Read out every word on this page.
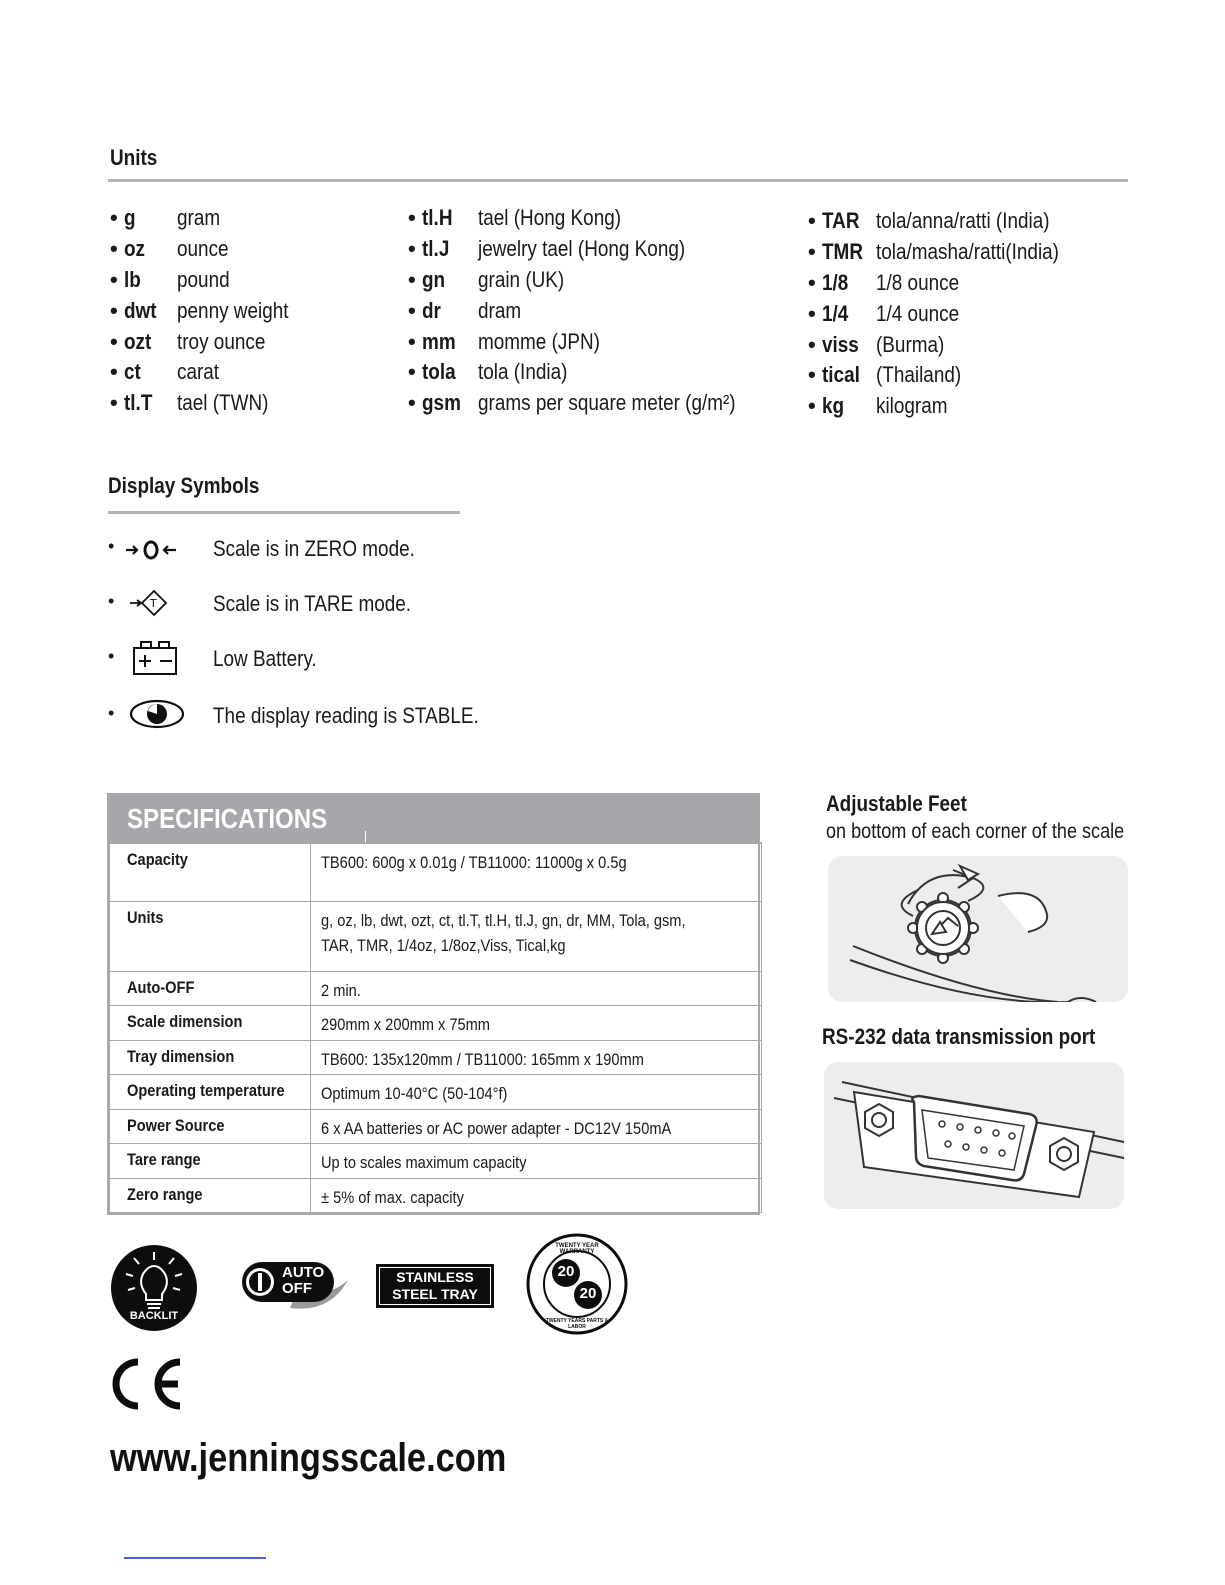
Units
• g gram
• oz ounce
• lb pound
• dwt penny weight
• ozt troy ounce
• ct carat
• tl.T tael (TWN)
• tl.H tael (Hong Kong)
• tl.J jewelry tael (Hong Kong)
• gn grain (UK)
• dr dram
• mm momme (JPN)
• tola tola (India)
• gsm grams per square meter (g/m²)
• TAR tola/anna/ratti (India)
• TMR tola/masha/ratti(India)
• 1/8 1/8 ounce
• 1/4 1/4 ounce
• viss (Burma)
• tical (Thailand)
• kg kilogram
Display Symbols
•	Scale is in ZERO mode.
•	T	Scale is in TARE mode.
•	Low Battery.
•	The display reading is STABLE.
SPECIFICATIONS
Capacity	TB600: 600g x 0.01g / TB11000: 11000g x 0.5g
Units	g, oz, lb, dwt, ozt, ct, tl.T, tl.H, tl.J, gn, dr, MM, Tola, gsm, TAR, TMR, 1/4oz, 1/8oz,Viss, Tical,kg

Auto-OFF	2 min.
Scale dimension	290mm x 200mm x 75mm
Tray dimension	TB600: 135x120mm / TB11000: 165mm x 190mm
Operating temperature	Optimum 10-40°C (50-104°f)
Power Source	6 x AA batteries or AC power adapter - DC12V 150mA
Tare range	Up to scales maximum capacity
Zero range	± 5% of max. capacity
Adjustable Feet
on bottom of each corner of the scale
RS-232 data transmission port
BACKLIT
AUTO
OFF
STAINLESS
STEEL TRAY
TWENTY YEAR WARRANTY
20
20
TWENTY YEARS PARTS & LABOR
www.jenningsscale.com
